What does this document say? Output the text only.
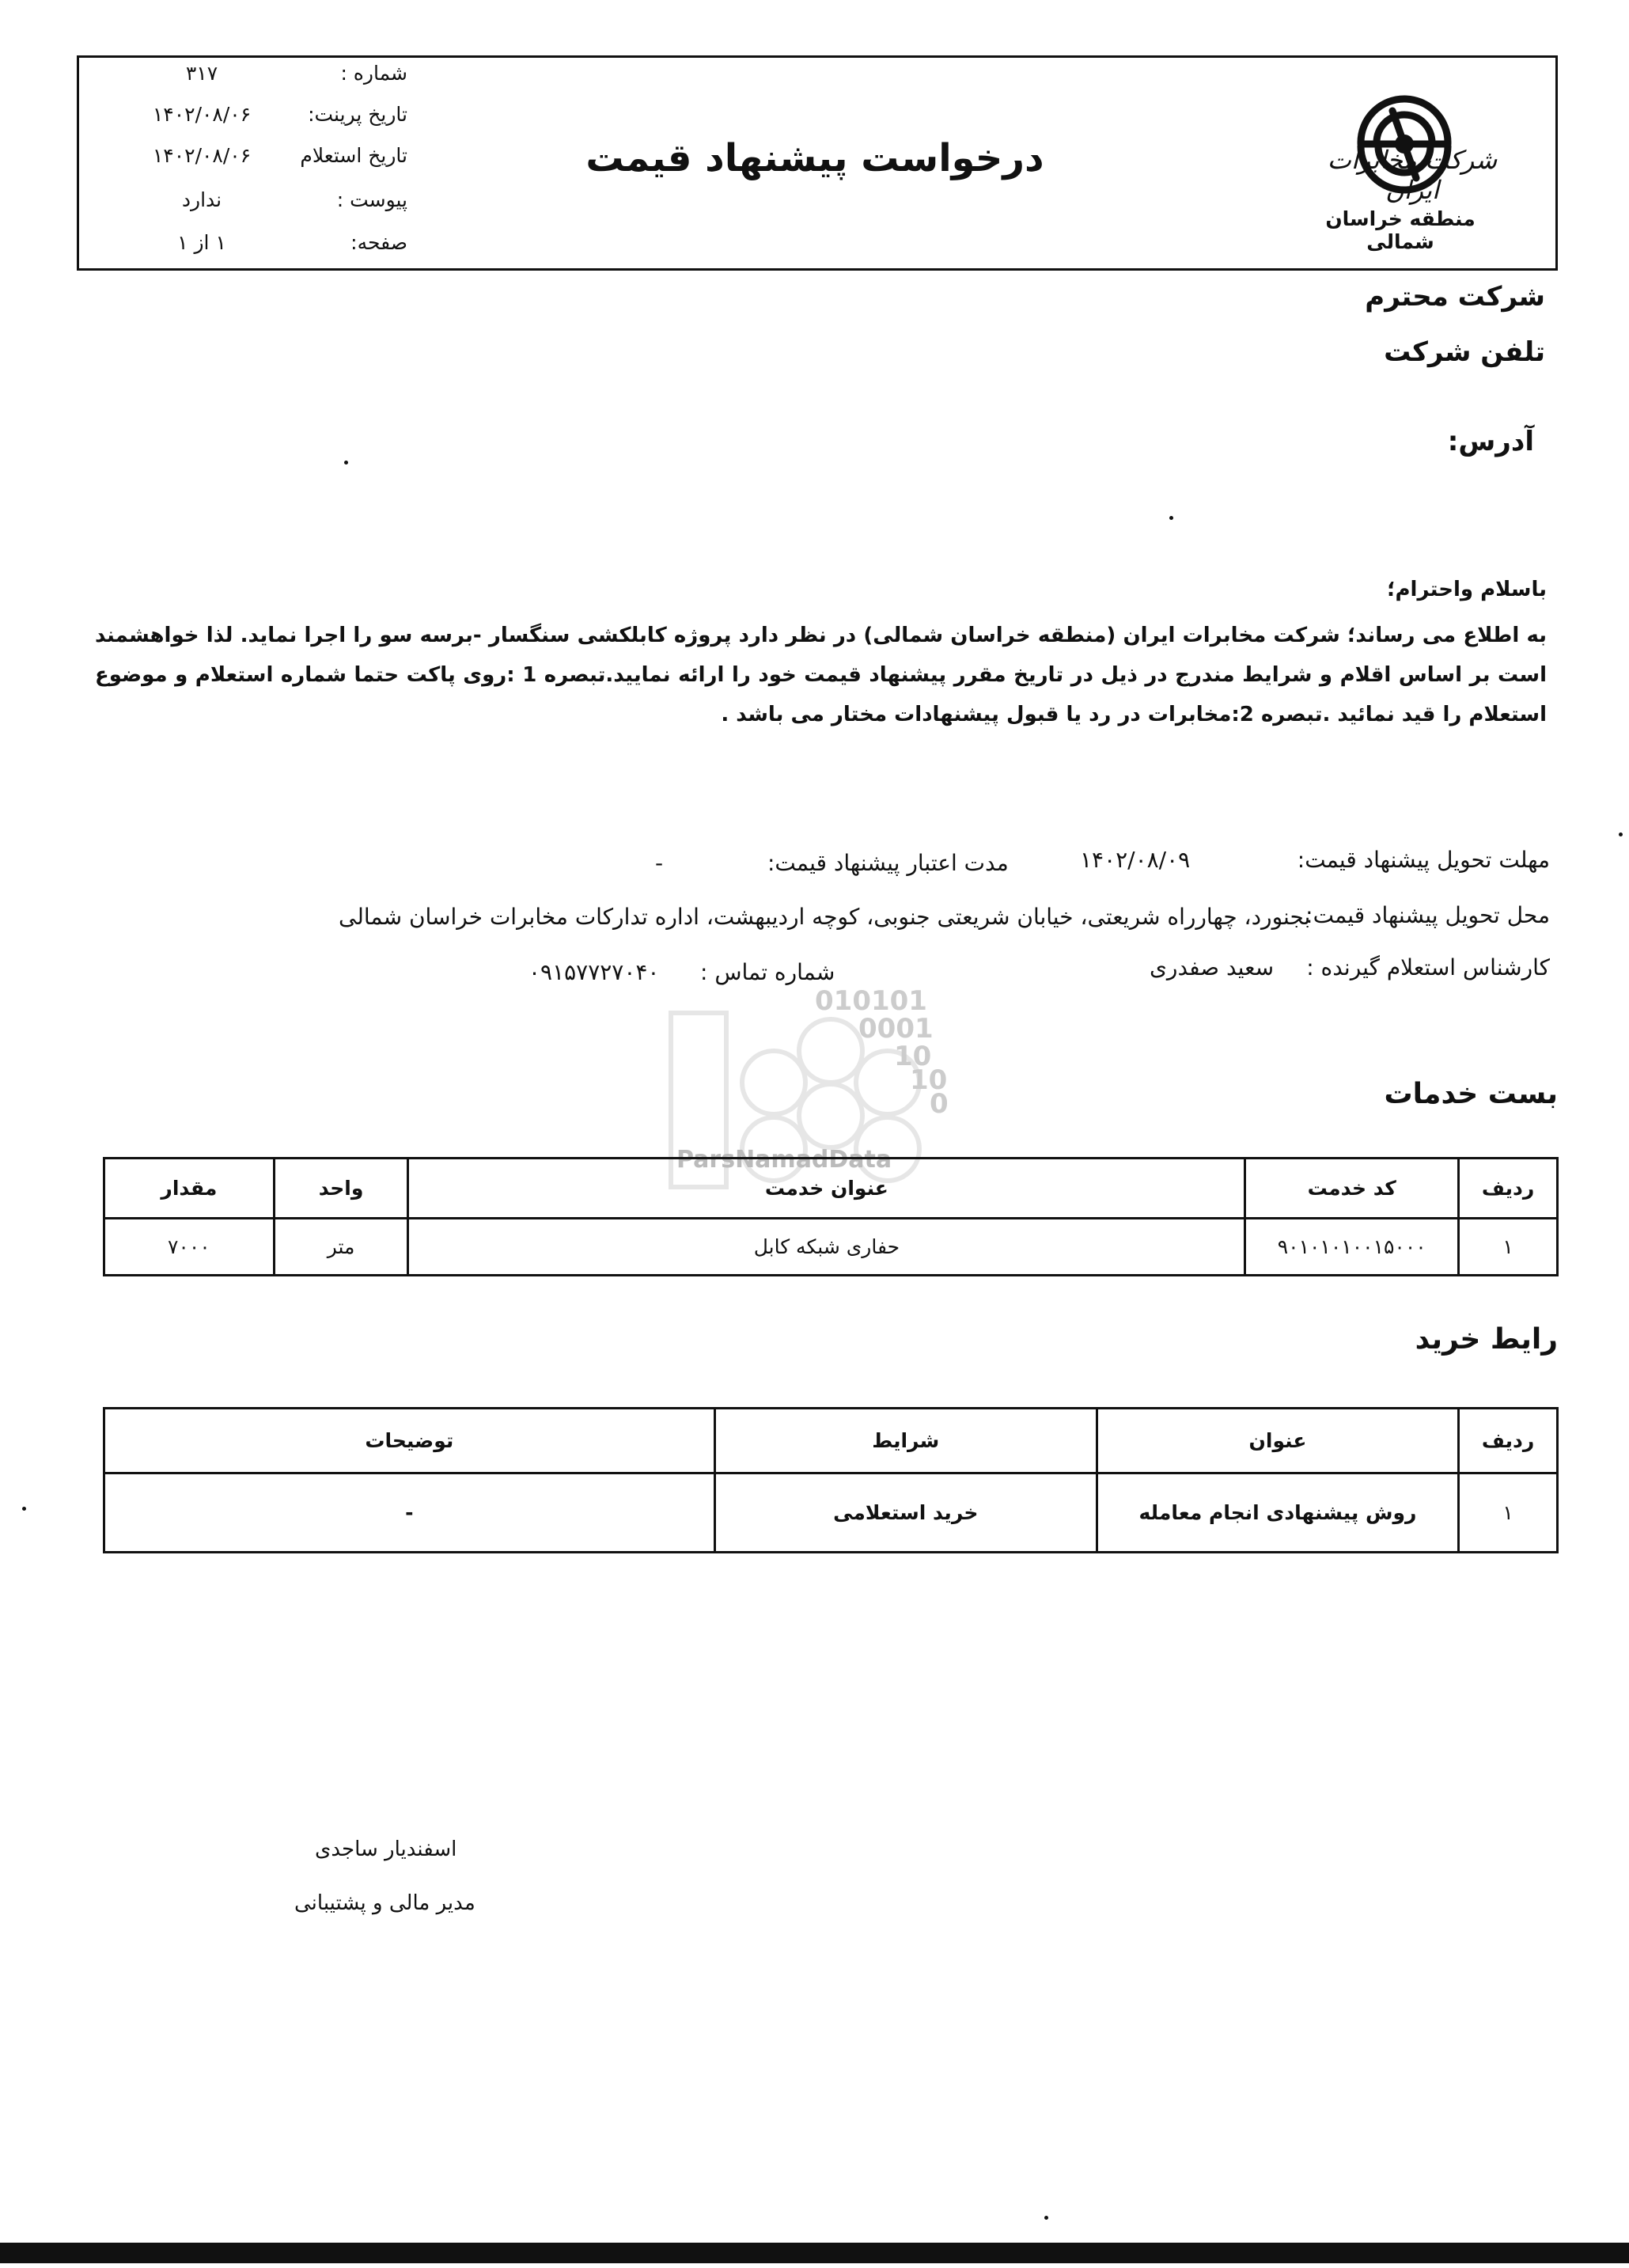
شرکت مخابرات ایران
منطقه خراسان شمالی
درخواست پیشنهاد قیمت
شماره :
۳۱۷
تاریخ پرینت:
۱۴۰۲/۰۸/۰۶
تاریخ استعلام
۱۴۰۲/۰۸/۰۶
پیوست :
ندارد
صفحه:
۱ از ۱
شرکت محترم
تلفن شرکت
آدرس:
باسلام واحترام؛
به اطلاع می رساند؛ شرکت مخابرات ایران (منطقه خراسان شمالی) در نظر دارد پروژه کابلکشی سنگسار -برسه سو را اجرا نماید. لذا خواهشمند است بر اساس اقلام و شرایط مندرج در ذیل در تاریخ مقرر پیشنهاد قیمت خود را ارائه نمایید.تبصره 1 :روی پاکت حتما شماره استعلام و موضوع استعلام را قید نمائید .تبصره 2:مخابرات در رد یا قبول پیشنهادات مختار می باشد .
مهلت تحویل پیشنهاد قیمت:
۱۴۰۲/۰۸/۰۹
مدت اعتبار پیشنهاد قیمت:
-
محل تحویل پیشنهاد قیمت:
بجنورد، چهارراه شریعتی، خیابان شریعتی جنوبی، کوچه اردیبهشت، اداره تدارکات مخابرات خراسان شمالی
کارشناس استعلام گیرنده :
سعید صفدری
شماره تماس :
۰۹۱۵۷۷۲۷۰۴۰
010101
0001
10
10
0
ParsNamadData
بست خدمات
ردیف	کد خدمت	عنوان خدمت	واحد	مقدار
۱	۹۰۱۰۱۰۱۰۰۱۵۰۰۰	حفاری شبکه کابل	متر	۷۰۰۰
رایط خرید
ردیف	عنوان	شرایط	توضیحات
۱	روش پیشنهادی انجام معامله	خرید استعلامی	-
اسفندیار ساجدی
مدیر مالی و پشتیبانی
